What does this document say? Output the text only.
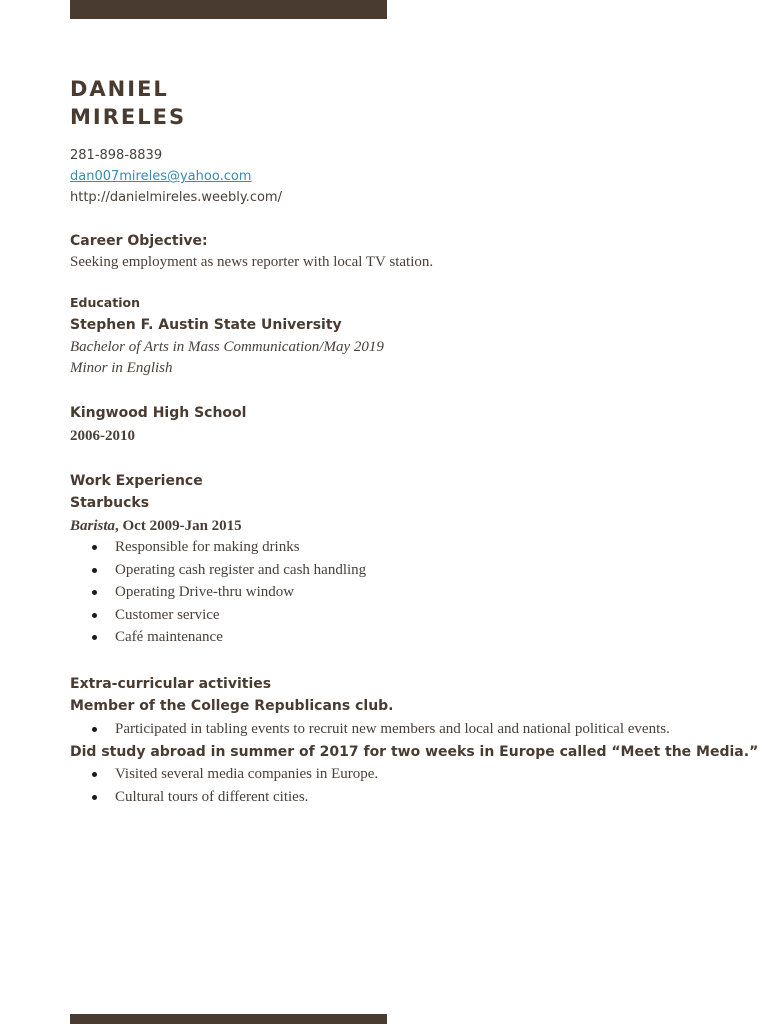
DANIEL
MIRELES
281-898-8839
dan007mireles@yahoo.com
http://danielmireles.weebly.com/
Career Objective:
Seeking employment as news reporter with local TV station.
Education
Stephen F. Austin State University
Bachelor of Arts in Mass Communication/May 2019
Minor in English
Kingwood High School
2006-2010
Work Experience
Starbucks
Barista, Oct 2009-Jan 2015
Responsible for making drinks
Operating cash register and cash handling
Operating Drive-thru window
Customer service
Café maintenance
Extra-curricular activities
Member of the College Republicans club.
Participated in tabling events to recruit new members and local and national political events.
Did study abroad in summer of 2017 for two weeks in Europe called “Meet the Media.”
Visited several media companies in Europe.
Cultural tours of different cities.
